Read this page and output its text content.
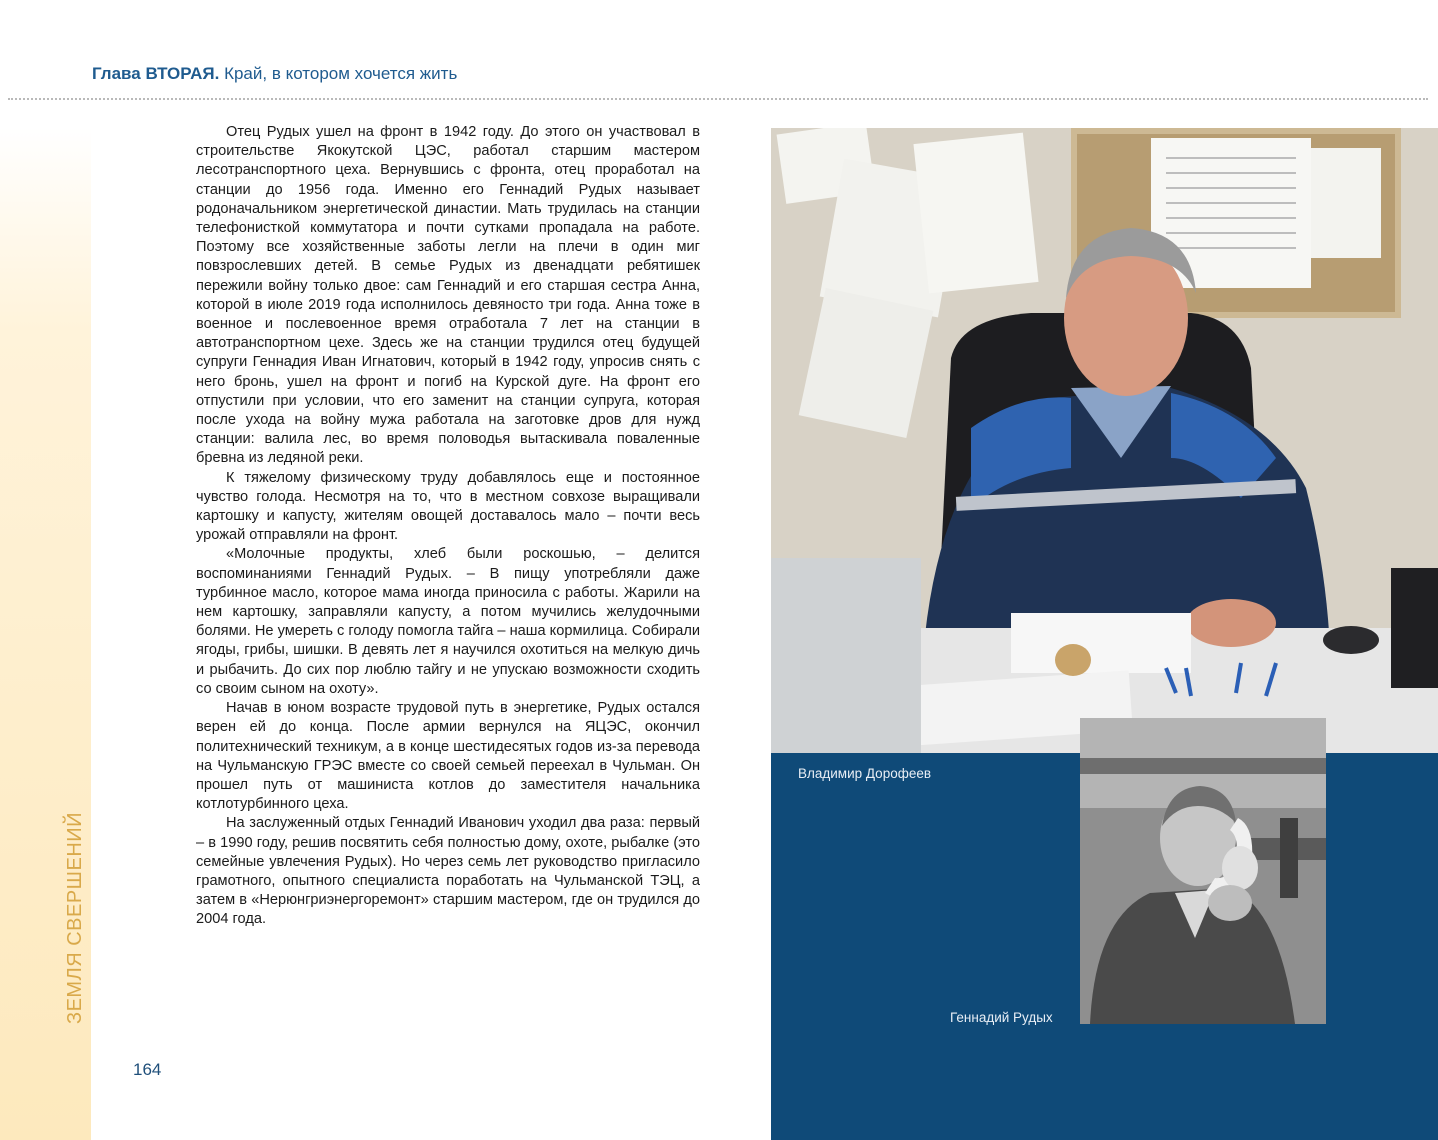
ЗЕМЛЯ СВЕРШЕНИЙ
Глава ВТОРАЯ. Край, в котором хочется жить

Отец Рудых ушел на фронт в 1942 году. До этого он участвовал в строительстве Якокутской ЦЭС, работал старшим мастером лесотранспортного цеха. Вернувшись с фронта, отец проработал на станции до 1956 года. Именно его Геннадий Рудых называет родоначальником энергетической династии. Мать трудилась на станции телефонисткой коммутатора и почти сутками пропадала на работе. Поэтому все хозяйственные заботы легли на плечи в один миг повзрослевших детей. В семье Рудых из двенадцати ребятишек пережили войну только двое: сам Геннадий и его старшая сестра Анна, которой в июле 2019 года исполнилось девяносто три года. Анна тоже в военное и послевоенное время отработала 7 лет на станции в автотранспортном цехе. Здесь же на станции трудился отец будущей супруги Геннадия Иван Игнатович, который в 1942 году, упросив снять с него бронь, ушел на фронт и погиб на Курской дуге. На фронт его отпустили при условии, что его заменит на станции супруга, которая после ухода на войну мужа работала на заготовке дров для нужд станции: валила лес, во время половодья вытаскивала поваленные бревна из ледяной реки.

К тяжелому физическому труду добавлялось еще и постоянное чувство голода. Несмотря на то, что в местном совхозе выращивали картошку и капусту, жителям овощей доставалось мало – почти весь урожай отправляли на фронт.

«Молочные продукты, хлеб были роскошью, – делится воспоминаниями Геннадий Рудых. – В пищу употребляли даже турбинное масло, которое мама иногда приносила с работы. Жарили на нем картошку, заправляли капусту, а потом мучились желудочными болями. Не умереть с голоду помогла тайга – наша кормилица. Собирали ягоды, грибы, шишки. В девять лет я научился охотиться на мелкую дичь и рыбачить. До сих пор люблю тайгу и не упускаю возможности сходить со своим сыном на охоту».

Начав в юном возрасте трудовой путь в энергетике, Рудых остался верен ей до конца. После армии вернулся на ЯЦЭС, окончил политехнический техникум, а в конце шестидесятых годов из-за перевода на Чульманскую ГРЭС вместе со своей семьей переехал в Чульман. Он прошел путь от машиниста котлов до заместителя начальника котлотурбинного цеха.

На заслуженный отдых Геннадий Иванович уходил два раза: первый – в 1990 году, решив посвятить себя полностью дому, охоте, рыбалке (это семейные увлечения Рудых). Но через семь лет руководство пригласило грамотного, опытного специалиста поработать на Чульманской ТЭЦ, а затем в «Нерюнгриэнергоремонт» старшим мастером, где он трудился до 2004 года.

164
Владимир Дорофеев
Геннадий Рудых
